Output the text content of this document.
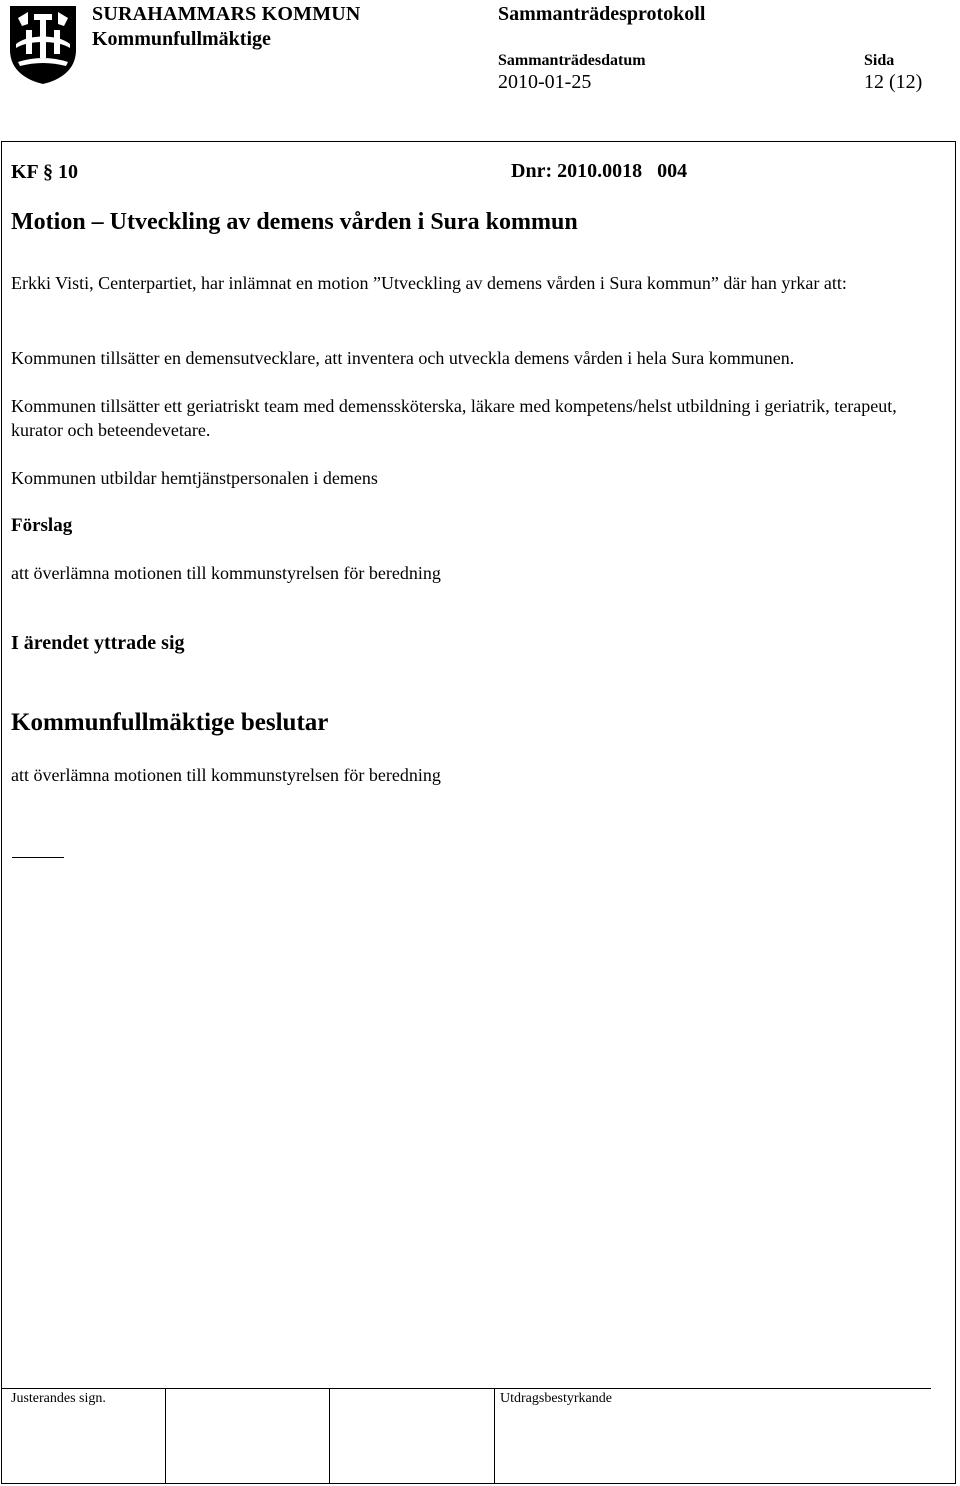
SURAHAMMARS KOMMUN
Kommunfullmäktige
Sammanträdesprotokoll
Sammanträdesdatum
2010-01-25
Sida
12 (12)
KF § 10	Dnr: 2010.0018   004
Motion – Utveckling av demens vården i Sura kommun
Erkki Visti, Centerpartiet, har inlämnat en motion ”Utveckling av demens vården i Sura kommun” där han yrkar att:
Kommunen tillsätter en demensutvecklare, att inventera och utveckla demens vården i hela Sura kommunen.
Kommunen tillsätter ett geriatriskt team med demenssköterska, läkare med kompetens/helst utbildning i geriatrik, terapeut, kurator och beteendevetare.
Kommunen utbildar hemtjänstpersonalen i demens
Förslag
att överlämna motionen till kommunstyrelsen för beredning
I ärendet yttrade sig
Kommunfullmäktige beslutar
att överlämna motionen till kommunstyrelsen för beredning
Justerandes sign.	Utdragsbestyrkande
